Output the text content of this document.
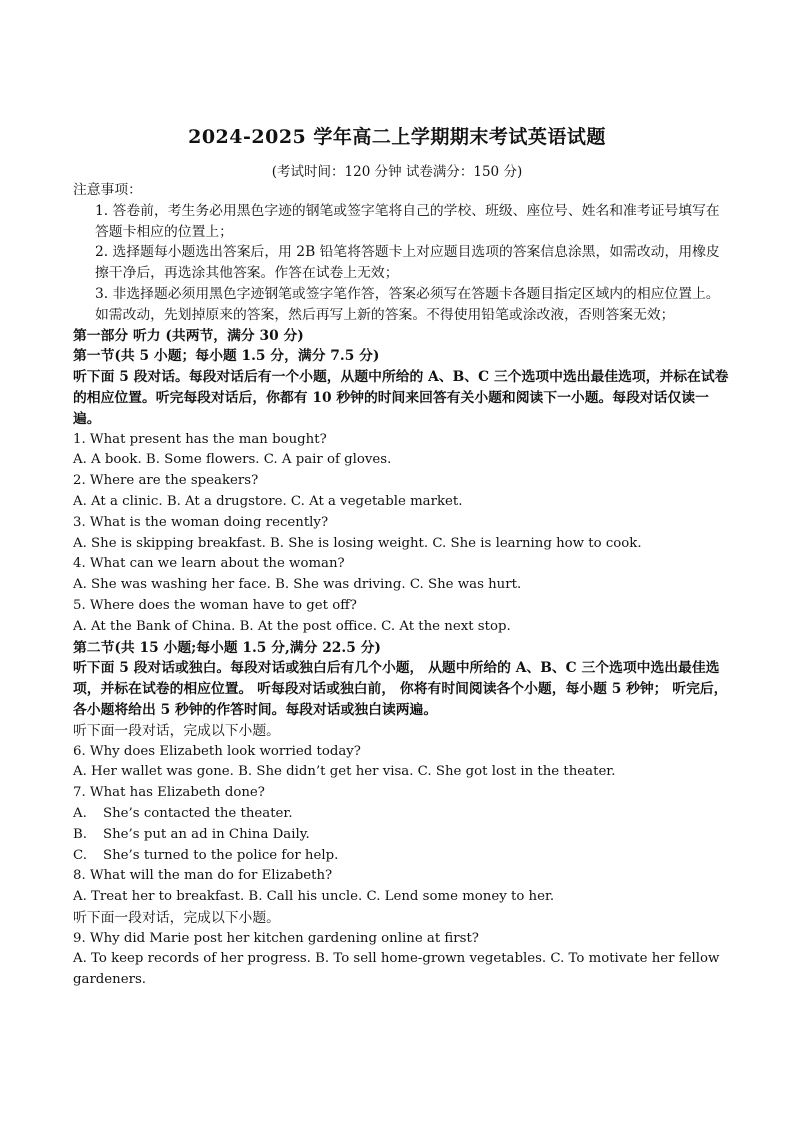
2024-2025 学年高二上学期期末考试英语试题
(考试时间：120 分钟 试卷满分：150 分)
注意事项：
1. 答卷前，考生务必用黑色字迹的钢笔或签字笔将自己的学校、班级、座位号、姓名和准考证号填写在答题卡相应的位置上；
2. 选择题每小题选出答案后，用 2B 铅笔将答题卡上对应题目选项的答案信息涂黑，如需改动，用橡皮擦干净后，再选涂其他答案。作答在试卷上无效；
3. 非选择题必须用黑色字迹钢笔或签字笔作答，答案必须写在答题卡各题目指定区域内的相应位置上。如需改动，先划掉原来的答案，然后再写上新的答案。不得使用铅笔或涂改液，否则答案无效；
第一部分 听力 (共两节，满分 30 分)
第一节(共 5 小题；每小题 1.5 分，满分 7.5 分)
听下面 5 段对话。每段对话后有一个小题，从题中所给的 A、B、C 三个选项中选出最佳选项，并标在试卷的相应位置。听完每段对话后，你都有 10 秒钟的时间来回答有关小题和阅读下一小题。每段对话仅读一遍。
1. What present has the man bought?
A. A book. B. Some flowers. C. A pair of gloves.
2. Where are the speakers?
A. At a clinic. B. At a drugstore. C. At a vegetable market.
3. What is the woman doing recently?
A. She is skipping breakfast. B. She is losing weight. C. She is learning how to cook.
4. What can we learn about the woman?
A. She was washing her face. B. She was driving. C. She was hurt.
5. Where does the woman have to get off?
A. At the Bank of China. B. At the post office. C. At the next stop.
第二节(共 15 小题;每小题 1.5 分,满分 22.5 分)
听下面 5 段对话或独白。每段对话或独白后有几个小题， 从题中所给的 A、B、C 三个选项中选出最佳选项，并标在试卷的相应位置。 听每段对话或独白前， 你将有时间阅读各个小题，每小题 5 秒钟； 听完后，各小题将给出 5 秒钟的作答时间。每段对话或独白读两遍。
听下面一段对话，完成以下小题。
6. Why does Elizabeth look worried today?
A. Her wallet was gone. B. She didn’t get her visa. C. She got lost in the theater.
7. What has Elizabeth done?
A. She’s contacted the theater.
B. She’s put an ad in China Daily.
C. She’s turned to the police for help.
8. What will the man do for Elizabeth?
A. Treat her to breakfast. B. Call his uncle. C. Lend some money to her.
听下面一段对话，完成以下小题。
9. Why did Marie post her kitchen gardening online at first?
A. To keep records of her progress. B. To sell home-grown vegetables. C. To motivate her fellow
gardeners.
